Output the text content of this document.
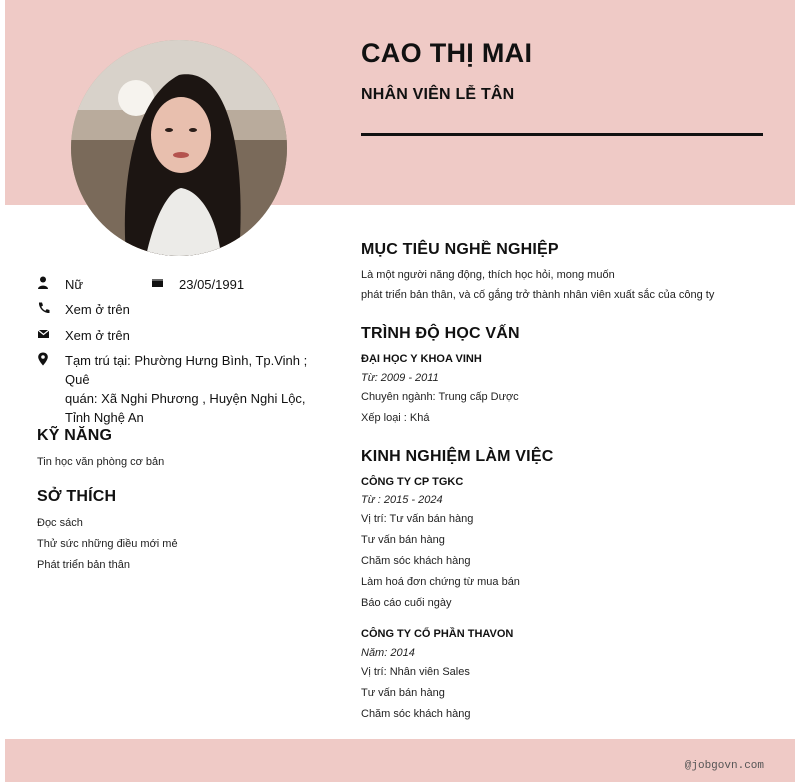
CAO THỊ MAI
NHÂN VIÊN LỄ TÂN
Nữ	23/05/1991
Xem ở trên
Xem ở trên
Tạm trú tại: Phường Hưng Bình, Tp.Vinh ; Quê
quán: Xã Nghi Phương , Huyện Nghi Lộc,
Tỉnh Nghệ An
KỸ NĂNG
Tin học văn phòng cơ bản
SỞ THÍCH
Đọc sách
Thử sức những điều mới mẻ
Phát triển bản thân
MỤC TIÊU NGHỀ NGHIỆP
Là một người năng động, thích học hỏi, mong muốn
phát triển bản thân, và cố gắng trở thành nhân viên xuất sắc của công ty
TRÌNH ĐỘ HỌC VẤN
ĐẠI HỌC Y KHOA VINH
Từ: 2009 - 2011
Chuyên ngành: Trung cấp Dược
Xếp loại : Khá
KINH NGHIỆM LÀM VIỆC
CÔNG TY CP TGKC
Từ : 2015 - 2024
Vị trí: Tư vấn bán hàng
Tư vấn bán hàng
Chăm sóc khách hàng
Làm hoá đơn chứng từ mua bán
Báo cáo cuối ngày
CÔNG TY CỔ PHẦN THAVON
Năm: 2014
Vị trí: Nhân viên Sales
Tư vấn bán hàng
Chăm sóc khách hàng
@jobgovn.com
